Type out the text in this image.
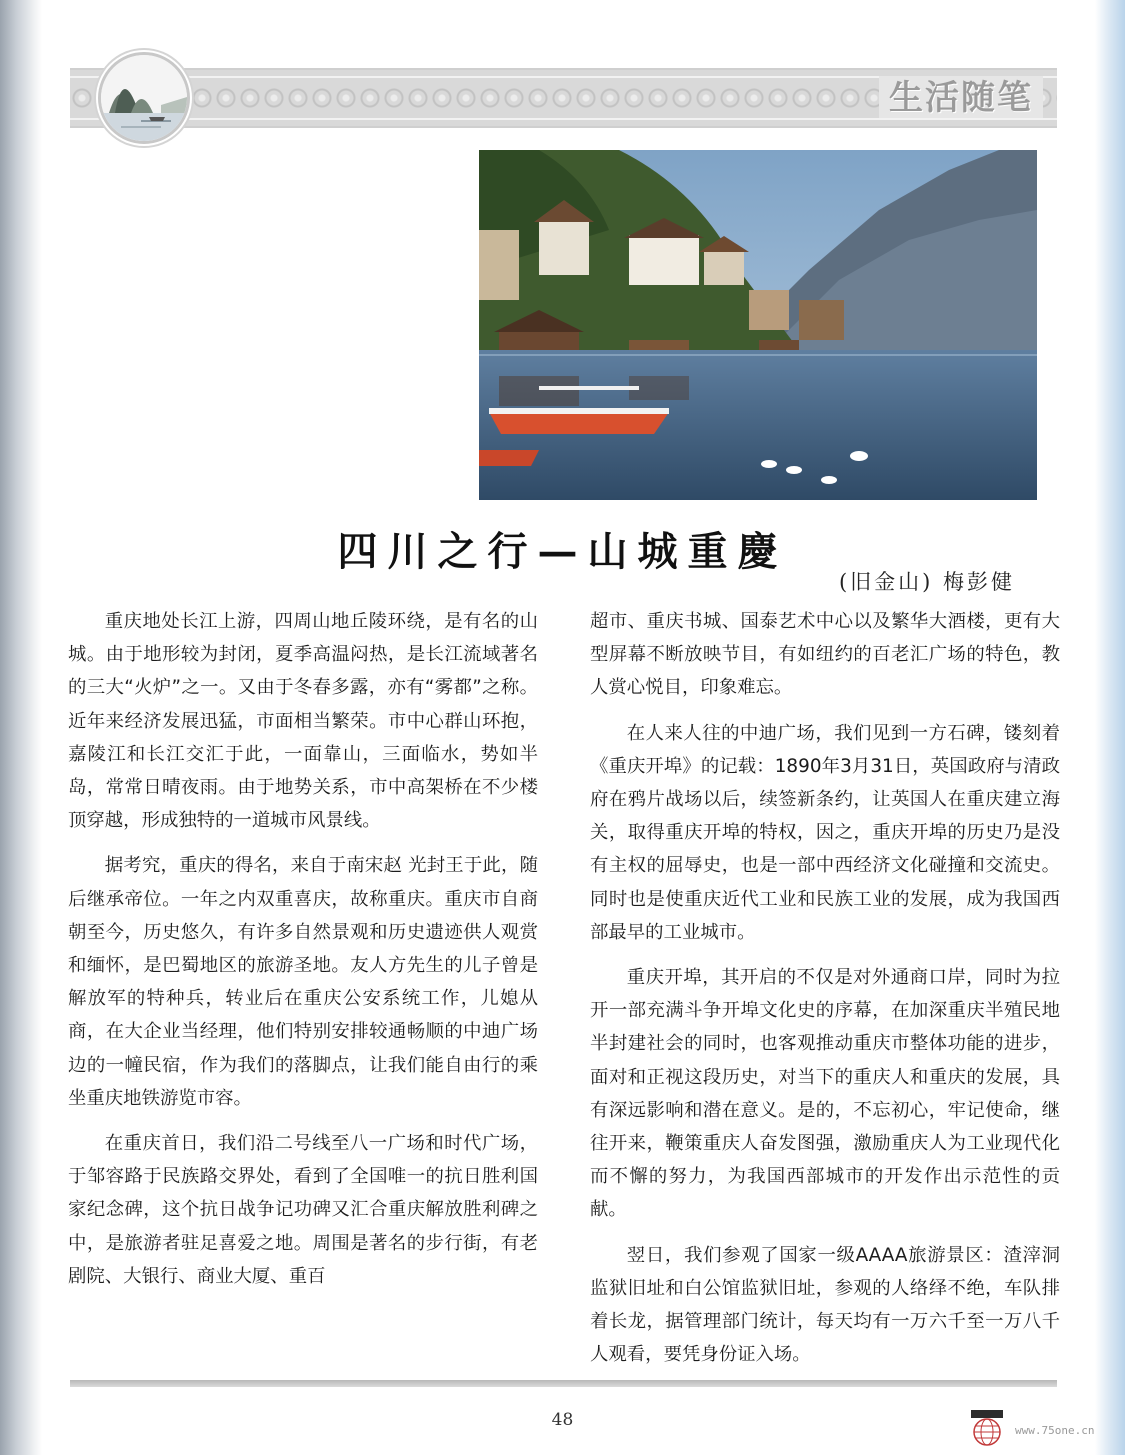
生活随笔
四川之行—山城重慶
(旧金山) 梅彭健

重庆地处长江上游，四周山地丘陵环绕，是有名的山城。由于地形较为封闭，夏季高温闷热，是长江流域著名的三大“火炉”之一。又由于冬春多露，亦有“雾都”之称。近年来经济发展迅猛，市面相当繁荣。市中心群山环抱，嘉陵江和长江交汇于此，一面靠山，三面临水，势如半岛，常常日晴夜雨。由于地势关系，市中高架桥在不少楼顶穿越，形成独特的一道城市风景线。

据考究，重庆的得名，来自于南宋赵 光封王于此，随后继承帝位。一年之内双重喜庆，故称重庆。重庆市自商朝至今，历史悠久，有许多自然景观和历史遗迹供人观赏和缅怀，是巴蜀地区的旅游圣地。友人方先生的儿子曾是解放军的特种兵，转业后在重庆公安系统工作，儿媳从商，在大企业当经理，他们特别安排较通畅顺的中迪广场边的一幢民宿，作为我们的落脚点，让我们能自由行的乘坐重庆地铁游览市容。

在重庆首日，我们沿二号线至八一广场和时代广场，于邹容路于民族路交界处，看到了全国唯一的抗日胜利国家纪念碑，这个抗日战争记功碑又汇合重庆解放胜利碑之中，是旅游者驻足喜爱之地。周围是著名的步行街，有老剧院、大银行、商业大厦、重百

超市、重庆书城、国泰艺术中心以及繁华大酒楼，更有大型屏幕不断放映节目，有如纽约的百老汇广场的特色，教人赏心悦目，印象难忘。

在人来人往的中迪广场，我们见到一方石碑，镂刻着《重庆开埠》的记载：1890年3月31日，英国政府与清政府在鸦片战场以后，续签新条约，让英国人在重庆建立海关，取得重庆开埠的特权，因之，重庆开埠的历史乃是没有主权的屈辱史，也是一部中西经济文化碰撞和交流史。同时也是使重庆近代工业和民族工业的发展，成为我国西部最早的工业城市。

重庆开埠，其开启的不仅是对外通商口岸，同时为拉开一部充满斗争开埠文化史的序幕，在加深重庆半殖民地半封建社会的同时，也客观推动重庆市整体功能的进步，面对和正视这段历史，对当下的重庆人和重庆的发展，具有深远影响和潜在意义。是的，不忘初心，牢记使命，继往开来，鞭策重庆人奋发图强，激励重庆人为工业现代化而不懈的努力，为我国西部城市的开发作出示范性的贡献。

翌日，我们参观了国家一级AAAA旅游景区：渣滓洞监狱旧址和白公馆监狱旧址，参观的人络绎不绝，车队排着长龙，据管理部门统计，每天均有一万六千至一万八千人观看，要凭身份证入场。

48
www.75one.cn
